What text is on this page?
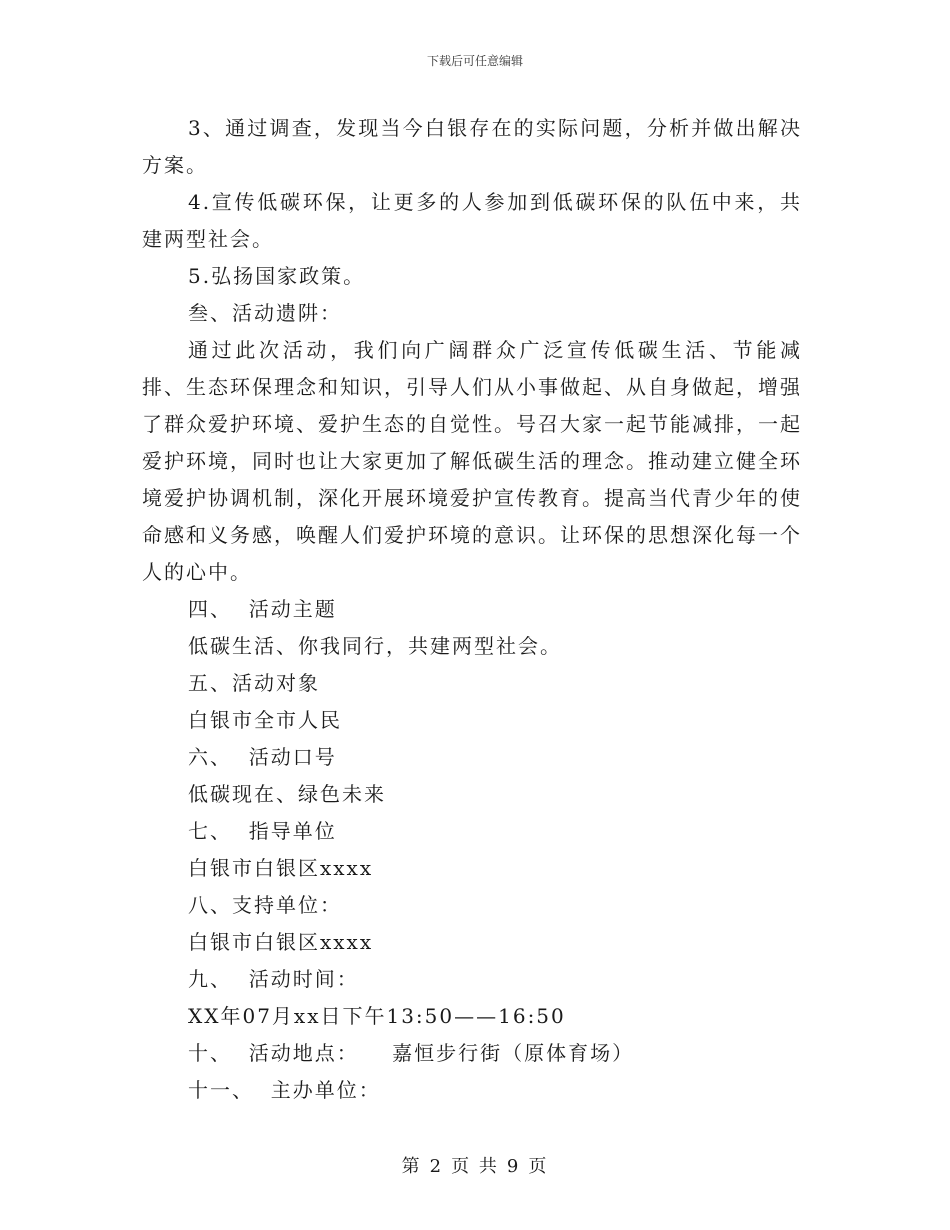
下载后可任意编辑

3、通过调查，发现当今白银存在的实际问题，分析并做出解决方案。

4.宣传低碳环保，让更多的人参加到低碳环保的队伍中来，共建两型社会。

5.弘扬国家政策。

叁、活动遗阱：

通过此次活动，我们向广阔群众广泛宣传低碳生活、节能减排、生态环保理念和知识，引导人们从小事做起、从自身做起，增强了群众爱护环境、爱护生态的自觉性。号召大家一起节能减排，一起爱护环境，同时也让大家更加了解低碳生活的理念。推动建立健全环境爱护协调机制，深化开展环境爱护宣传教育。提高当代青少年的使命感和义务感，唤醒人们爱护环境的意识。让环保的思想深化每一个人的心中。

四、  活动主题

低碳生活、你我同行，共建两型社会。

五、活动对象

白银市全市人民

六、  活动口号

低碳现在、绿色未来

七、  指导单位

白银市白银区xxxx

八、支持单位：

白银市白银区xxxx

九、  活动时间：

XX年07月xx日下午13:50——16:50

十、  活动地点：    嘉恒步行街（原体育场）

十一、  主办单位：

第 2 页 共 9 页
